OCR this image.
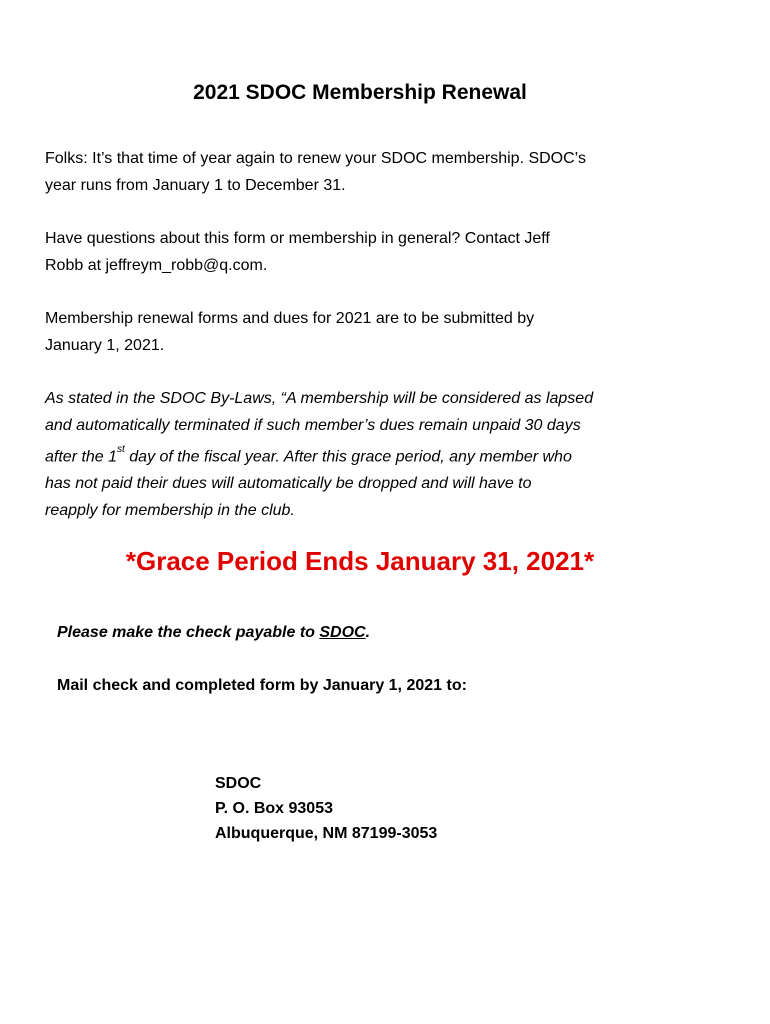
2021 SDOC Membership Renewal

Folks: It’s that time of year again to renew your SDOC membership. SDOC’s
year runs from January 1 to December 31.

Have questions about this form or membership in general? Contact Jeff
Robb at jeffreym_robb@q.com.

Membership renewal forms and dues for 2021 are to be submitted by
January 1, 2021.

As stated in the SDOC By-Laws, “A membership will be considered as lapsed
and automatically terminated if such member’s dues remain unpaid 30 days
after the 1st day of the fiscal year. After this grace period, any member who
has not paid their dues will automatically be dropped and will have to
reapply for membership in the club.

*Grace Period Ends January 31, 2021*
Please make the check payable to SDOC.
Mail check and completed form by January 1, 2021 to:
SDOC
P. O. Box 93053
Albuquerque, NM 87199-3053
